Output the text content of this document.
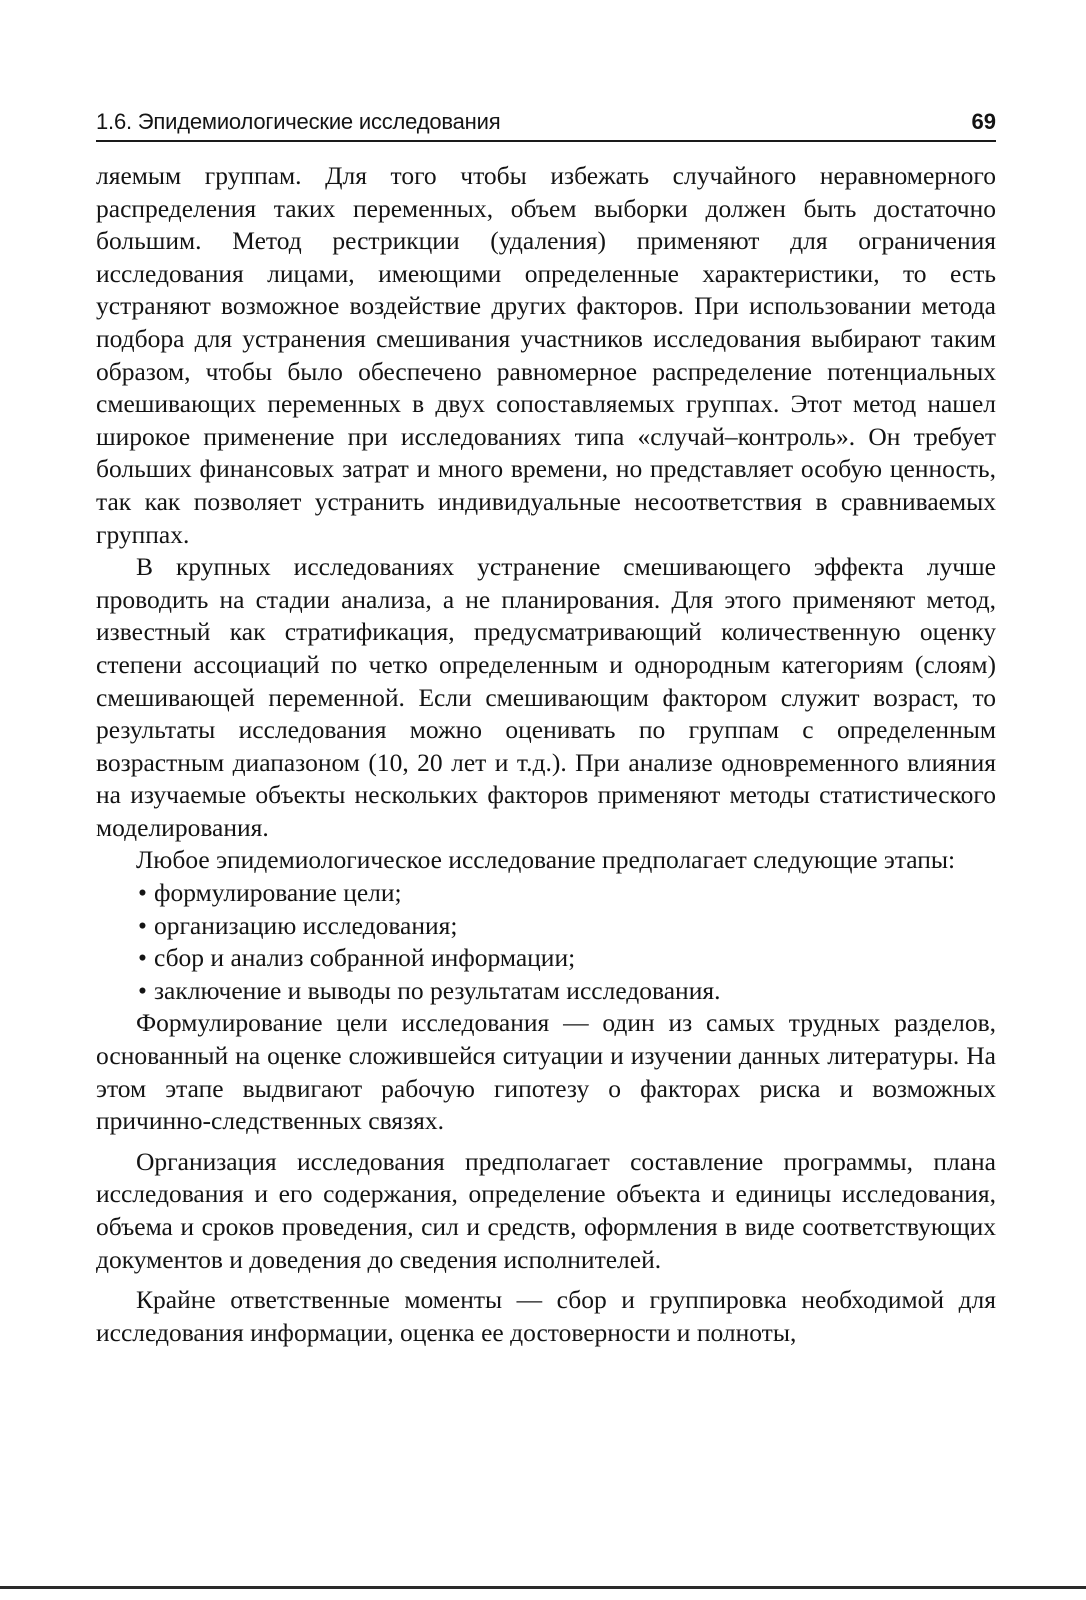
1.6. Эпидемиологические исследования	69

ляемым группам. Для того чтобы избежать случайного неравномерного распределения таких переменных, объем выборки должен быть достаточно большим. Метод рестрикции (удаления) применяют для ограничения исследования лицами, имеющими определенные характеристики, то есть устраняют возможное воздействие других факторов. При использовании метода подбора для устранения смешивания участников исследования выбирают таким образом, чтобы было обеспечено равномерное распределение потенциальных смешивающих переменных в двух сопоставляемых группах. Этот метод нашел широкое применение при исследованиях типа «случай–контроль». Он требует больших финансовых затрат и много времени, но представляет особую ценность, так как позволяет устранить индивидуальные несоответствия в сравниваемых группах.

В крупных исследованиях устранение смешивающего эффекта лучше проводить на стадии анализа, а не планирования. Для этого применяют метод, известный как стратификация, предусматривающий количественную оценку степени ассоциаций по четко определенным и однородным категориям (слоям) смешивающей переменной. Если смешивающим фактором служит возраст, то результаты исследования можно оценивать по группам с определенным возрастным диапазоном (10, 20 лет и т.д.). При анализе одновременного влияния на изучаемые объекты нескольких факторов применяют методы статистического моделирования.

Любое эпидемиологическое исследование предполагает следующие этапы:

• формулирование цели;
• организацию исследования;
• сбор и анализ собранной информации;
• заключение и выводы по результатам исследования.

Формулирование цели исследования — один из самых трудных разделов, основанный на оценке сложившейся ситуации и изучении данных литературы. На этом этапе выдвигают рабочую гипотезу о факторах риска и возможных причинно-следственных связях.

Организация исследования предполагает составление программы, плана исследования и его содержания, определение объекта и единицы исследования, объема и сроков проведения, сил и средств, оформления в виде соответствующих документов и доведения до сведения исполнителей.

Крайне ответственные моменты — сбор и группировка необходимой для исследования информации, оценка ее достоверности и полноты,
